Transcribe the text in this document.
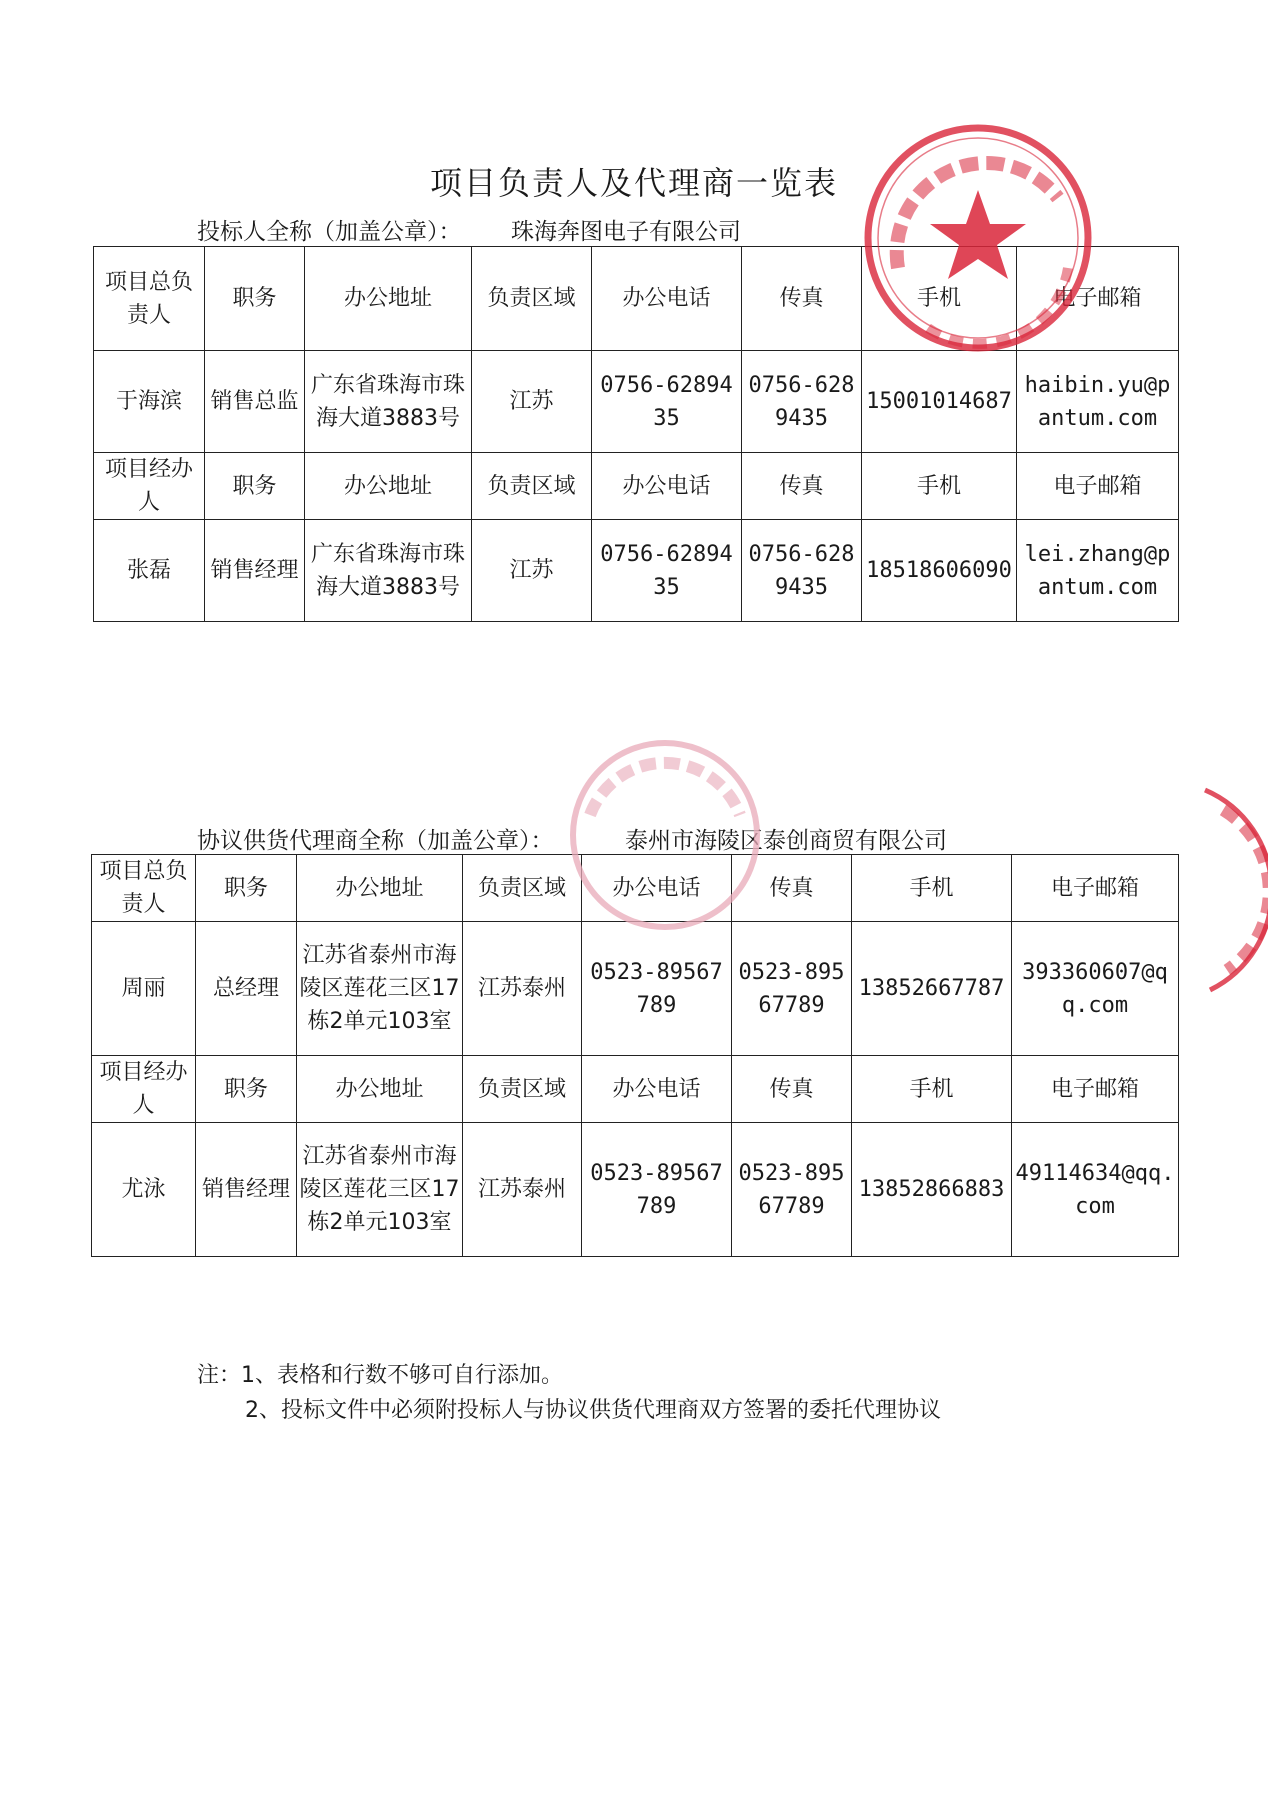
项目负责人及代理商一览表
投标人全称（加盖公章）： 珠海奔图电子有限公司
项目总负责人	职务	办公地址	负责区域	办公电话	传真	手机	电子邮箱
于海滨	销售总监	广东省珠海市珠海大道3883号	江苏	0756-6289435	0756-6289435	15001014687	haibin.yu@pantum.com
项目经办人	职务	办公地址	负责区域	办公电话	传真	手机	电子邮箱
张磊	销售经理	广东省珠海市珠海大道3883号	江苏	0756-6289435	0756-6289435	18518606090	lei.zhang@pantum.com
协议供货代理商全称（加盖公章）：	泰州市海陵区泰创商贸有限公司
项目总负责人	职务	办公地址	负责区域	办公电话	传真	手机	电子邮箱
周丽	总经理	江苏省泰州市海陵区莲花三区17栋2单元103室	江苏泰州	0523-89567789	0523-89567789	13852667787	393360607@qq.com
项目经办人	职务	办公地址	负责区域	办公电话	传真	手机	电子邮箱
尤泳	销售经理	江苏省泰州市海陵区莲花三区17栋2单元103室	江苏泰州	0523-89567789	0523-89567789	13852866883	49114634@qq.com
注：1、表格和行数不够可自行添加。
2、投标文件中必须附投标人与协议供货代理商双方签署的委托代理协议
